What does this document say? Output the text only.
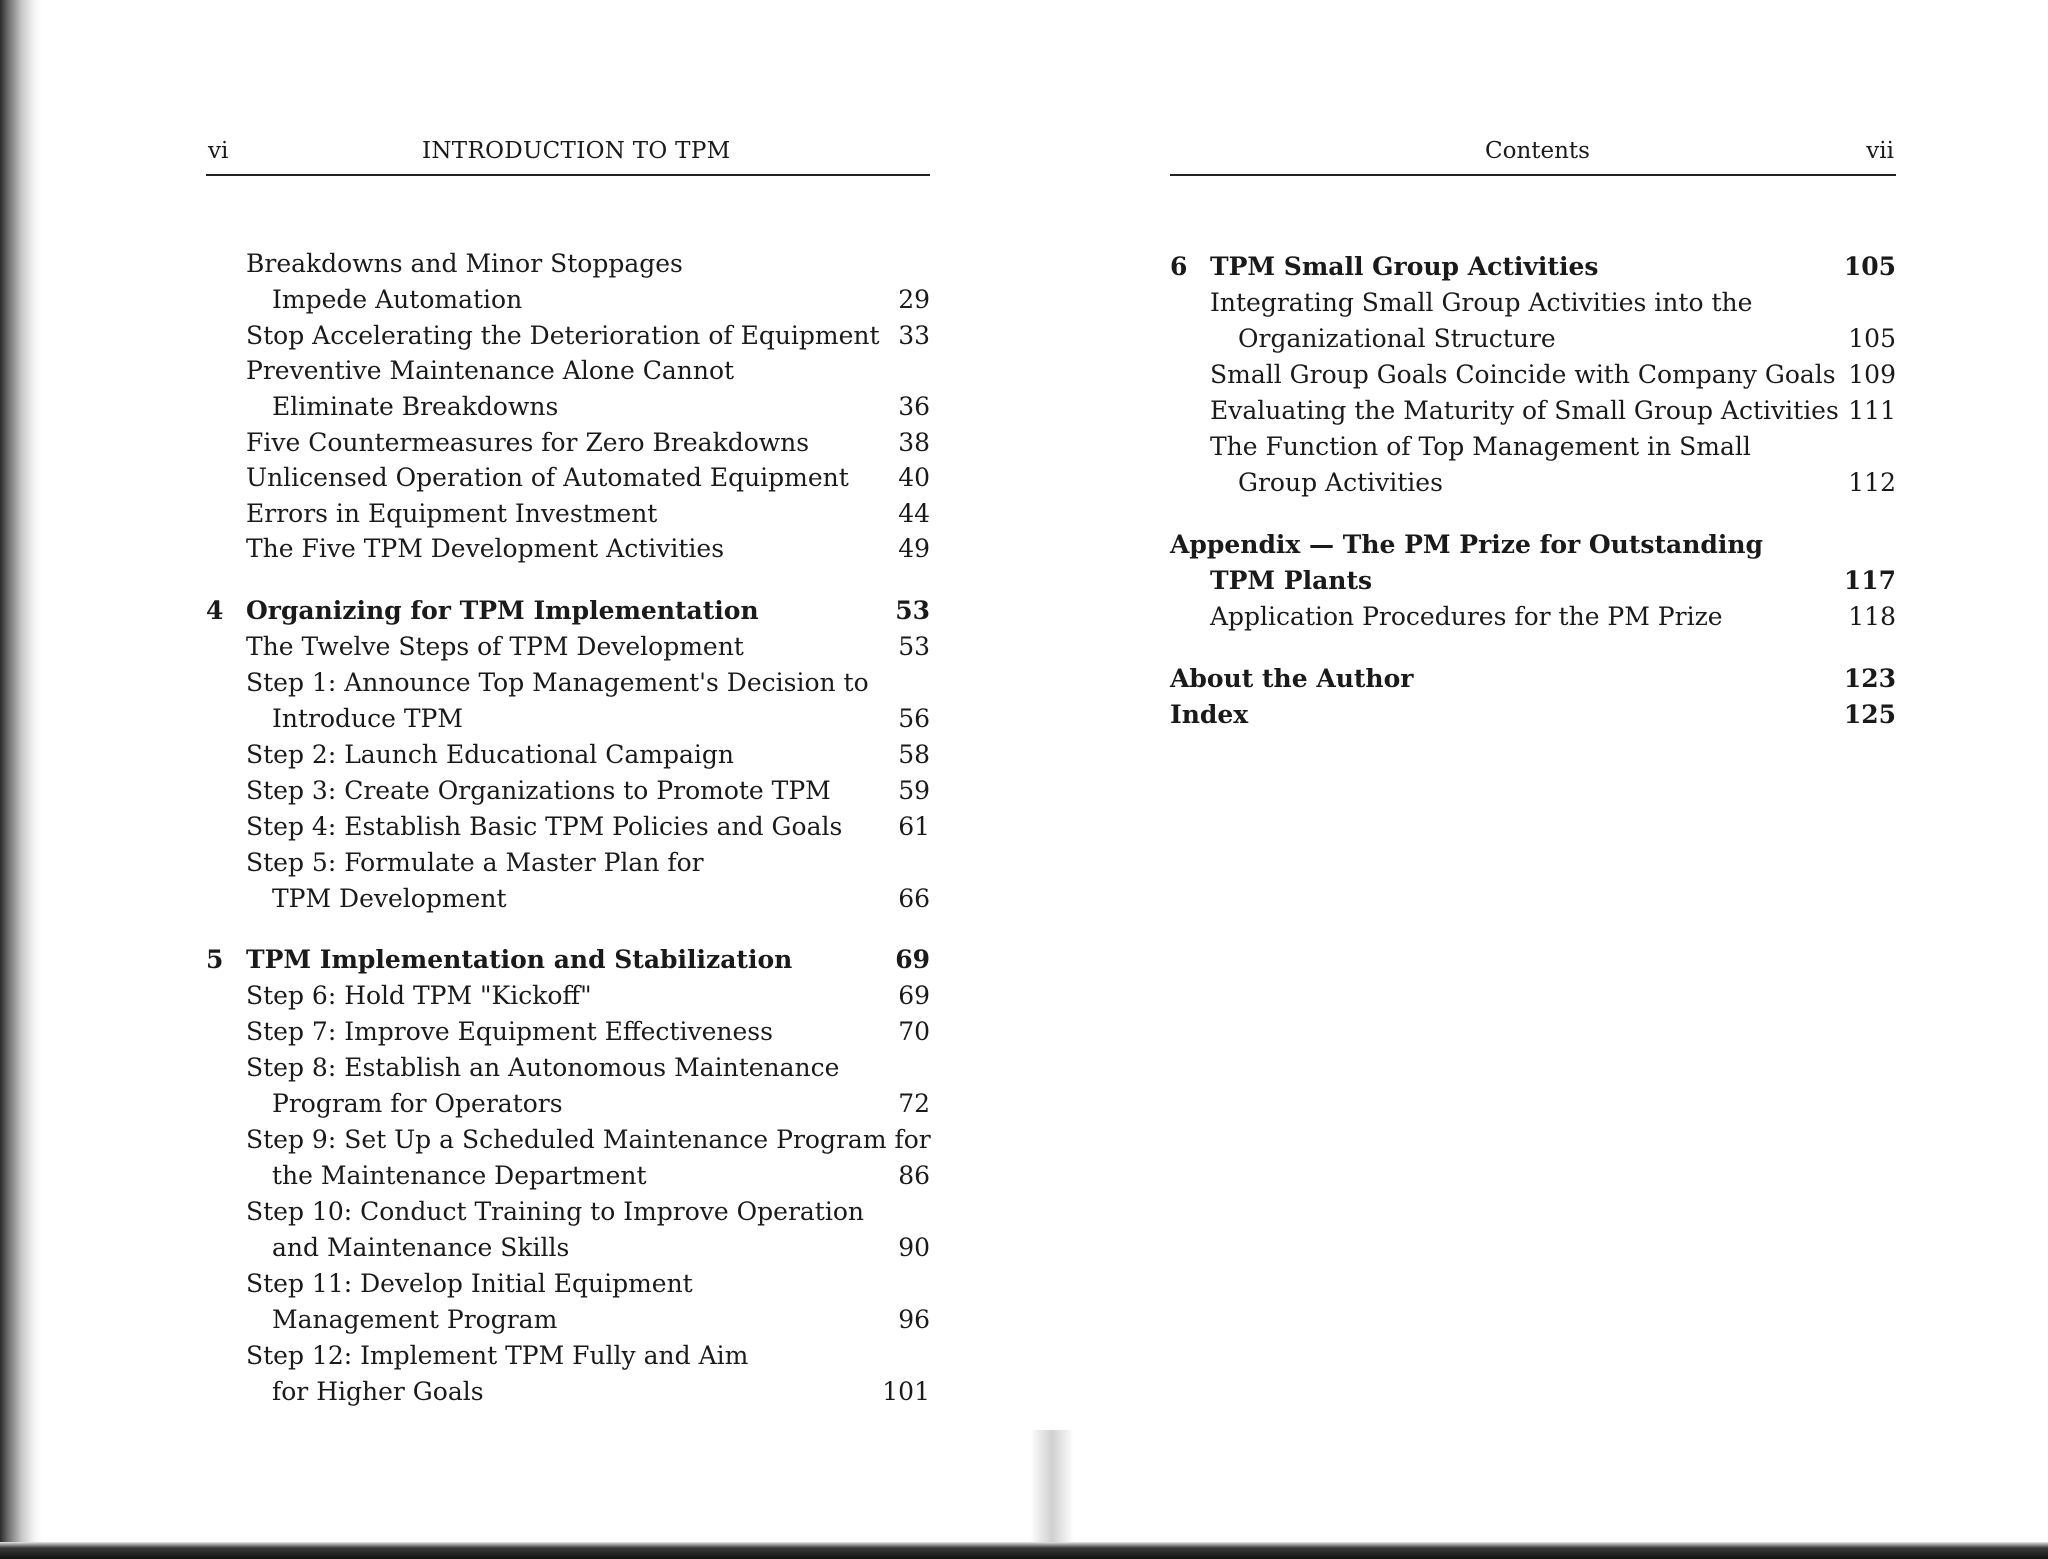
vi	INTRODUCTION TO TPM
Breakdowns and Minor Stoppages
Impede Automation	29
Stop Accelerating the Deterioration of Equipment 33
Preventive Maintenance Alone Cannot
Eliminate Breakdowns	36
Five Countermeasures for Zero Breakdowns	38
Unlicensed Operation of Automated Equipment 40
Errors in Equipment Investment	44
The Five TPM Development Activities	49
4 Organizing for TPM Implementation	53
The Twelve Steps of TPM Development	53
Step 1: Announce Top Management's Decision to
Introduce TPM	56
Step 2: Launch Educational Campaign	58
Step 3: Create Organizations to Promote TPM	59
Step 4: Establish Basic TPM Policies and Goals 61
Step 5: Formulate a Master Plan for
TPM Development	66
5 TPM Implementation and Stabilization	69
Step 6: Hold TPM "Kickoff"	69
Step 7: Improve Equipment Effectiveness	70
Step 8: Establish an Autonomous Maintenance
Program for Operators	72
Step 9: Set Up a Scheduled Maintenance Program for
the Maintenance Department	86
Step 10: Conduct Training to Improve Operation
and Maintenance Skills	90
Step 11: Develop Initial Equipment
Management Program	96
Step 12: Implement TPM Fully and Aim
for Higher Goals	101
Contents	vii
6 TPM Small Group Activities	105
Integrating Small Group Activities into the
Organizational Structure	105
Small Group Goals Coincide with Company Goals 109
Evaluating the Maturity of Small Group Activities 111
The Function of Top Management in Small
Group Activities	112
Appendix — The PM Prize for Outstanding
TPM Plants	117
Application Procedures for the PM Prize	118
About the Author	123
Index	125
